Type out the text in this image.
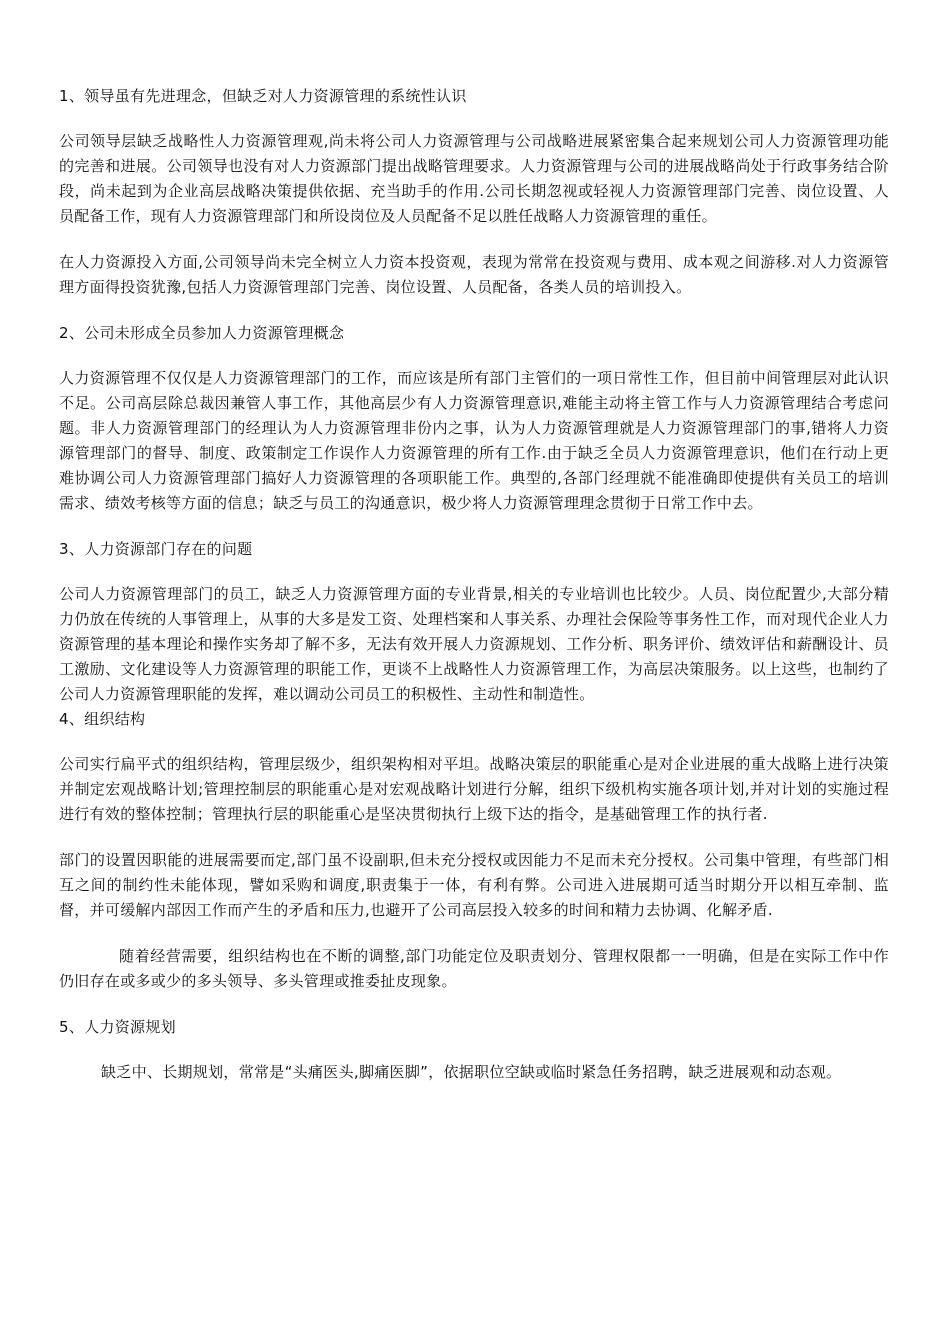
1、领导虽有先进理念，但缺乏对人力资源管理的系统性认识

公司领导层缺乏战略性人力资源管理观,尚未将公司人力资源管理与公司战略进展紧密集合起来规划公司人力资源管理功能的完善和进展。公司领导也没有对人力资源部门提出战略管理要求。人力资源管理与公司的进展战略尚处于行政事务结合阶段，尚未起到为企业高层战略决策提供依据、充当助手的作用.公司长期忽视或轻视人力资源管理部门完善、岗位设置、人员配备工作，现有人力资源管理部门和所设岗位及人员配备不足以胜任战略人力资源管理的重任。

在人力资源投入方面,公司领导尚未完全树立人力资本投资观，表现为常常在投资观与费用、成本观之间游移.对人力资源管理方面得投资犹豫,包括人力资源管理部门完善、岗位设置、人员配备，各类人员的培训投入。

2、公司未形成全员参加人力资源管理概念

人力资源管理不仅仅是人力资源管理部门的工作，而应该是所有部门主管们的一项日常性工作，但目前中间管理层对此认识不足。公司高层除总裁因兼管人事工作，其他高层少有人力资源管理意识,难能主动将主管工作与人力资源管理结合考虑问题。非人力资源管理部门的经理认为人力资源管理非份内之事，认为人力资源管理就是人力资源管理部门的事,错将人力资源管理部门的督导、制度、政策制定工作误作人力资源管理的所有工作.由于缺乏全员人力资源管理意识，他们在行动上更难协调公司人力资源管理部门搞好人力资源管理的各项职能工作。典型的,各部门经理就不能准确即使提供有关员工的培训需求、绩效考核等方面的信息；缺乏与员工的沟通意识，极少将人力资源管理理念贯彻于日常工作中去。

3、人力资源部门存在的问题

公司人力资源管理部门的员工，缺乏人力资源管理方面的专业背景,相关的专业培训也比较少。人员、岗位配置少,大部分精力仍放在传统的人事管理上，从事的大多是发工资、处理档案和人事关系、办理社会保险等事务性工作，而对现代企业人力资源管理的基本理论和操作实务却了解不多，无法有效开展人力资源规划、工作分析、职务评价、绩效评估和薪酬设计、员工激励、文化建设等人力资源管理的职能工作，更谈不上战略性人力资源管理工作，为高层决策服务。以上这些，也制约了公司人力资源管理职能的发挥，难以调动公司员工的积极性、主动性和制造性。

4、组织结构

公司实行扁平式的组织结构，管理层级少，组织架构相对平坦。战略决策层的职能重心是对企业进展的重大战略上进行决策并制定宏观战略计划;管理控制层的职能重心是对宏观战略计划进行分解，组织下级机构实施各项计划,并对计划的实施过程进行有效的整体控制；管理执行层的职能重心是坚决贯彻执行上级下达的指令，是基础管理工作的执行者.

部门的设置因职能的进展需要而定,部门虽不设副职,但未充分授权或因能力不足而未充分授权。公司集中管理，有些部门相互之间的制约性未能体现，譬如采购和调度,职责集于一体，有利有弊。公司进入进展期可适当时期分开以相互牵制、监督，并可缓解内部因工作而产生的矛盾和压力,也避开了公司高层投入较多的时间和精力去协调、化解矛盾.

随着经营需要，组织结构也在不断的调整,部门功能定位及职责划分、管理权限都一一明确，但是在实际工作中作仍旧存在或多或少的多头领导、多头管理或推委扯皮现象。

5、人力资源规划

缺乏中、长期规划，常常是“头痛医头,脚痛医脚”，依据职位空缺或临时紧急任务招聘，缺乏进展观和动态观。
